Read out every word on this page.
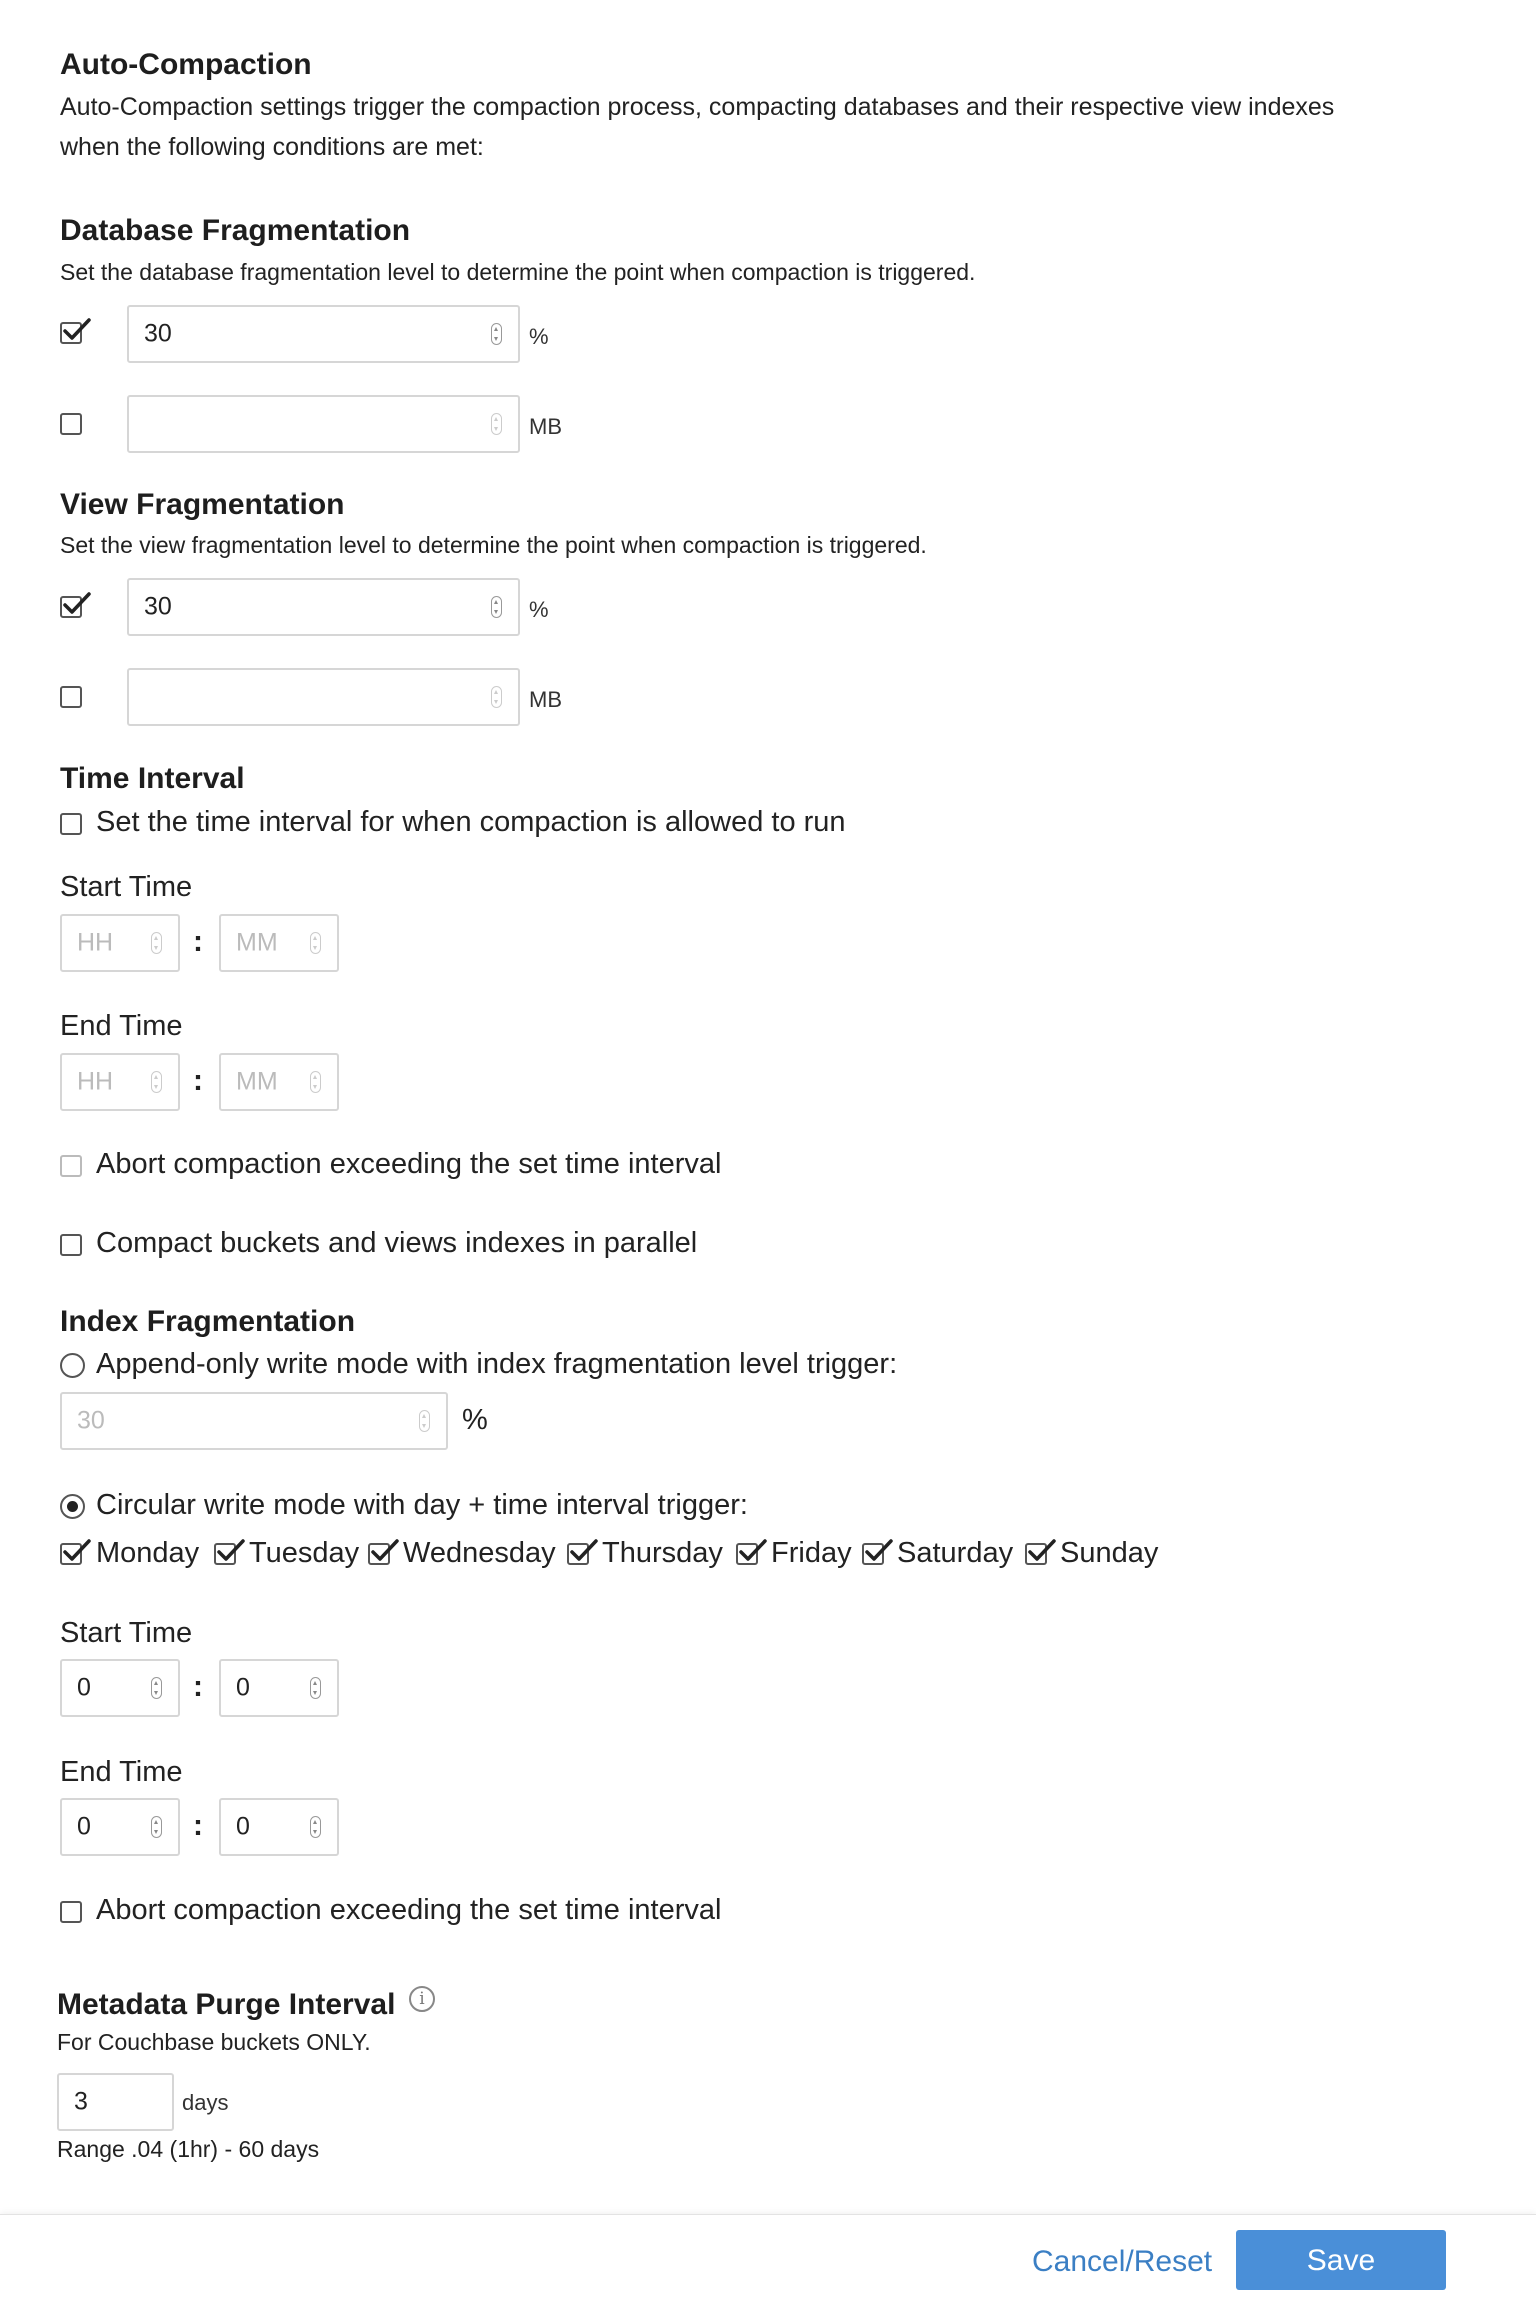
Auto-Compaction
Auto-Compaction settings trigger the compaction process, compacting databases and their respective view indexes
when the following conditions are met:
Database Fragmentation
Set the database fragmentation level to determine the point when compaction is triggered.
30	%
MB
View Fragmentation
Set the view fragmentation level to determine the point when compaction is triggered.
30	%
MB
Time Interval
Set the time interval for when compaction is allowed to run
Start Time
HH	: MM
End Time
HH	: MM
Abort compaction exceeding the set time interval
Compact buckets and views indexes in parallel
Index Fragmentation
Append-only write mode with index fragmentation level trigger:
30	%
Circular write mode with day + time interval trigger:
Monday Tuesday Wednesday Thursday Friday Saturday Sunday
Start Time
0	: 0
End Time
0	: 0
Abort compaction exceeding the set time interval
Metadata Purge Interval	i
For Couchbase buckets ONLY.
3	days
Range .04 (1hr) - 60 days
Cancel/Reset	Save
